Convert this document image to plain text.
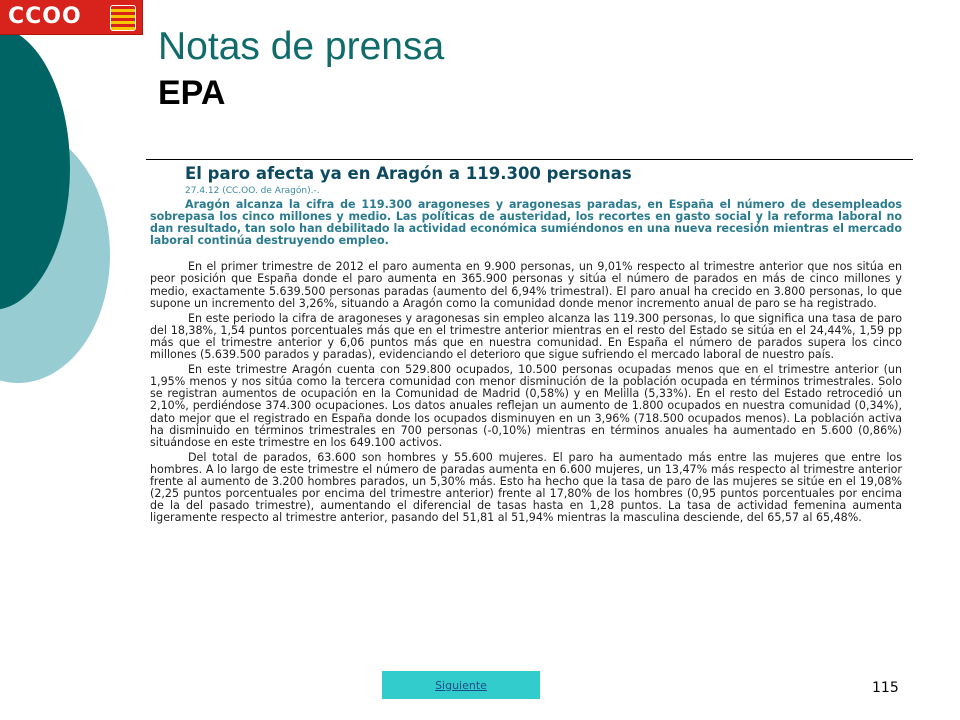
CCOO
Notas de prensa
EPA
El paro afecta ya en Aragón a 119.300 personas
27.4.12 (CC.OO. de Aragón).-.

Aragón alcanza la cifra de 119.300 aragoneses y aragonesas paradas, en España el número de desempleados sobrepasa los cinco millones y medio. Las políticas de austeridad, los recortes en gasto social y la reforma laboral no dan resultado, tan solo han debilitado la actividad económica sumiéndonos en una nueva recesión mientras el mercado laboral continúa destruyendo empleo.

En el primer trimestre de 2012 el paro aumenta en 9.900 personas, un 9,01% respecto al trimestre anterior que nos sitúa en peor posición que España donde el paro aumenta en 365.900 personas y sitúa el número de parados en más de cinco millones y medio, exactamente 5.639.500 personas paradas (aumento del 6,94% trimestral). El paro anual ha crecido en 3.800 personas, lo que supone un incremento del 3,26%, situando a Aragón como la comunidad donde menor incremento anual de paro se ha registrado.

En este periodo la cifra de aragoneses y aragonesas sin empleo alcanza las 119.300 personas, lo que significa una tasa de paro del 18,38%, 1,54 puntos porcentuales más que en el trimestre anterior mientras en el resto del Estado se sitúa en el 24,44%, 1,59 pp más que el trimestre anterior y 6,06 puntos más que en nuestra comunidad. En España el número de parados supera los cinco millones (5.639.500 parados y paradas), evidenciando el deterioro que sigue sufriendo el mercado laboral de nuestro país.

En este trimestre Aragón cuenta con 529.800 ocupados, 10.500 personas ocupadas menos que en el trimestre anterior (un 1,95% menos y nos sitúa como la tercera comunidad con menor disminución de la población ocupada en términos trimestrales. Solo se registran aumentos de ocupación en la Comunidad de Madrid (0,58%) y en Melilla (5,33%). En el resto del Estado retrocedió un 2,10%, perdiéndose 374.300 ocupaciones. Los datos anuales reflejan un aumento de 1.800 ocupados en nuestra comunidad (0,34%), dato mejor que el registrado en España donde los ocupados disminuyen en un 3,96% (718.500 ocupados menos). La población activa ha disminuido en términos trimestrales en 700 personas (-0,10%) mientras en términos anuales ha aumentado en 5.600 (0,86%) situándose en este trimestre en los 649.100 activos.

Del total de parados, 63.600 son hombres y 55.600 mujeres. El paro ha aumentado más entre las mujeres que entre los hombres. A lo largo de este trimestre el número de paradas aumenta en 6.600 mujeres, un 13,47% más respecto al trimestre anterior frente al aumento de 3.200 hombres parados, un 5,30% más. Esto ha hecho que la tasa de paro de las mujeres se sitúe en el 19,08% (2,25 puntos porcentuales por encima del trimestre anterior) frente al 17,80% de los hombres (0,95 puntos porcentuales por encima de la del pasado trimestre), aumentando el diferencial de tasas hasta en 1,28 puntos. La tasa de actividad femenina aumenta ligeramente respecto al trimestre anterior, pasando del 51,81 al 51,94% mientras la masculina desciende, del 65,57 al 65,48%.

Siguiente	115
